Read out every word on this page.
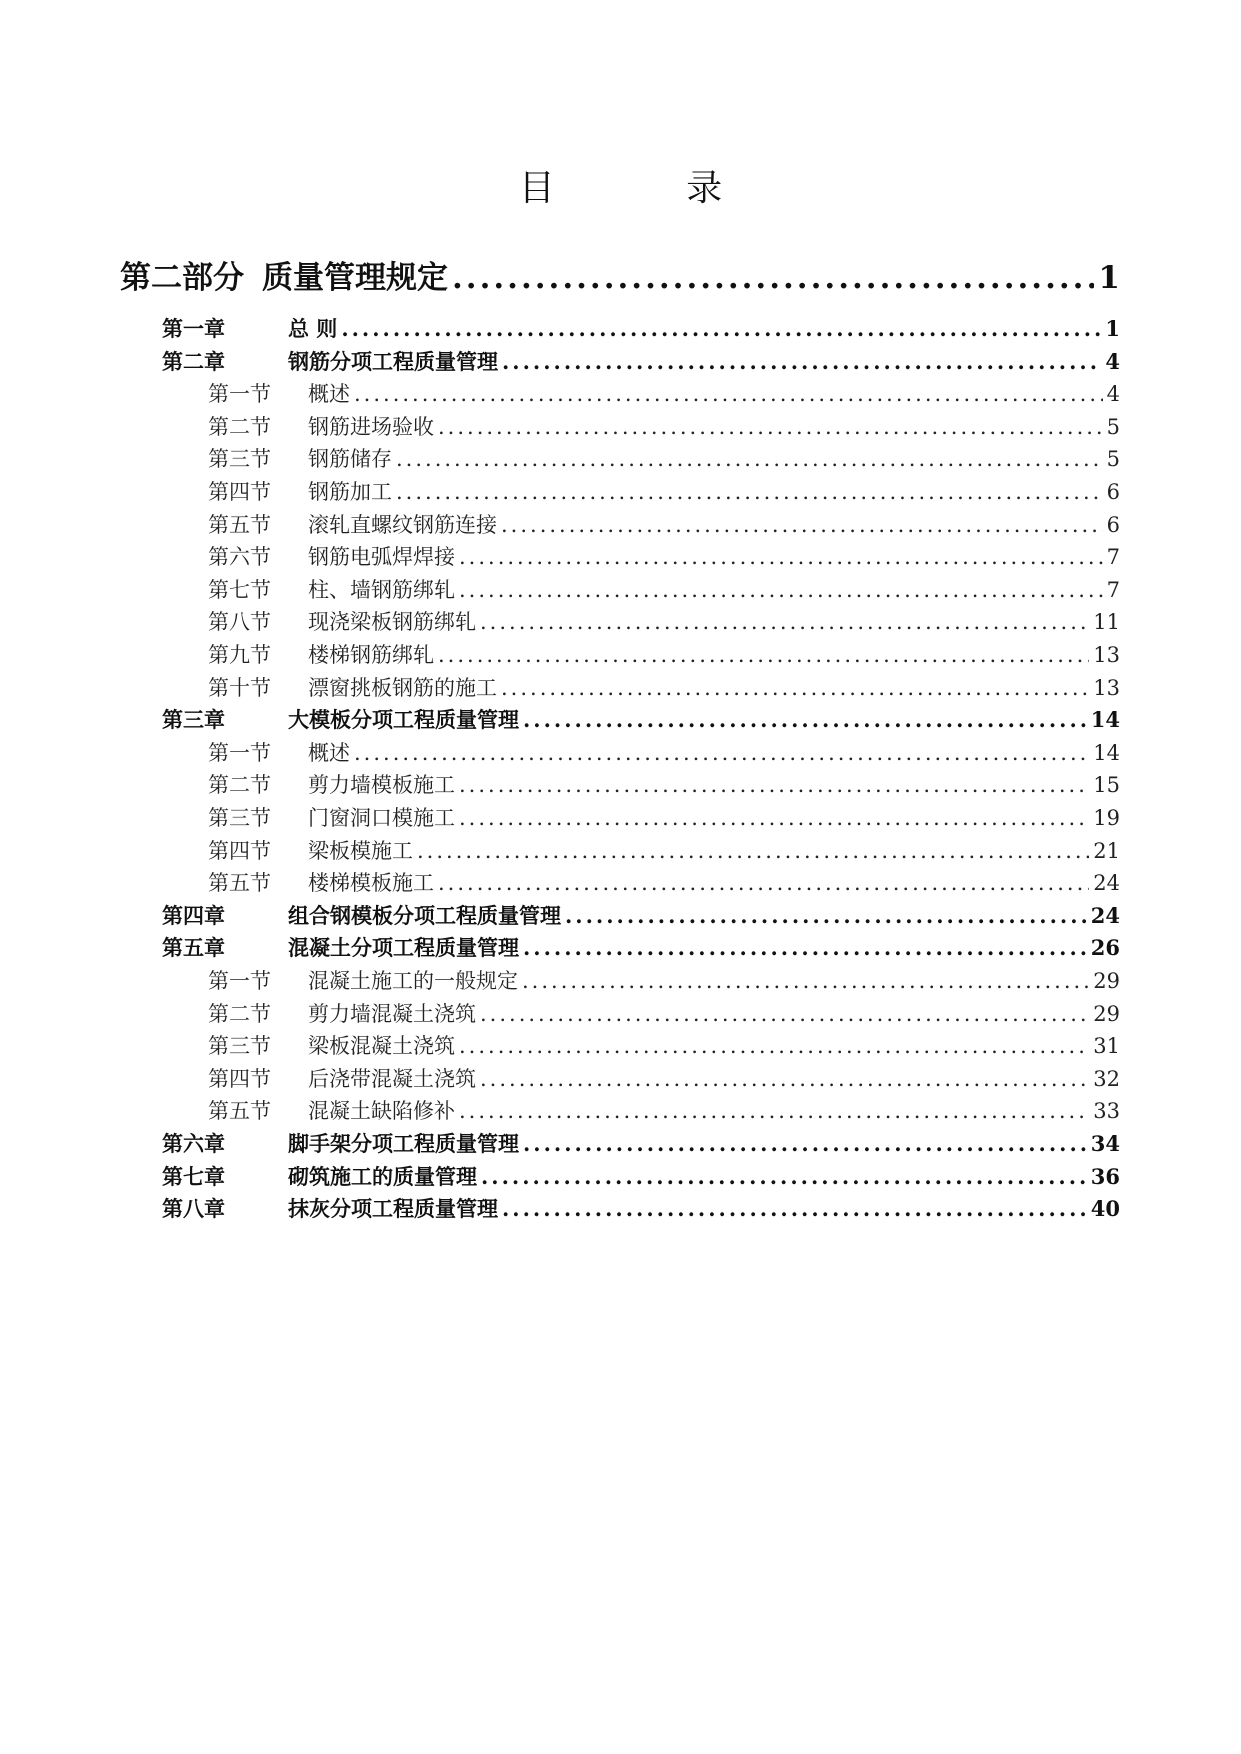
目	录
第二部分 质量管理规定 .....	1
第一章	总 则 .....	1
第二章	钢筋分项工程质量管理 .....	4
第一节	概述 .....	4
第二节	钢筋进场验收 .....	5
第三节	钢筋储存 .....	5
第四节	钢筋加工 .....	6
第五节	滚轧直螺纹钢筋连接 .....	6
第六节	钢筋电弧焊焊接 .....	7
第七节	柱、墙钢筋绑轧 .....	7
第八节	现浇梁板钢筋绑轧 .....	11
第九节	楼梯钢筋绑轧 .....	13
第十节	漂窗挑板钢筋的施工 .....	13
第三章	大模板分项工程质量管理 .....	14
第一节	概述 .....	14
第二节	剪力墙模板施工 .....	15
第三节	门窗洞口模施工 .....	19
第四节	梁板模施工 .....	21
第五节	楼梯模板施工 .....	24
第四章	组合钢模板分项工程质量管理 .....	24
第五章	混凝土分项工程质量管理 .....	26
第一节	混凝土施工的一般规定 .....	29
第二节	剪力墙混凝土浇筑 .....	29
第三节	梁板混凝土浇筑 .....	31
第四节	后浇带混凝土浇筑 .....	32
第五节	混凝土缺陷修补 .....	33
第六章	脚手架分项工程质量管理 .....	34
第七章	砌筑施工的质量管理 .....	36
第八章	抹灰分项工程质量管理 .....	40
